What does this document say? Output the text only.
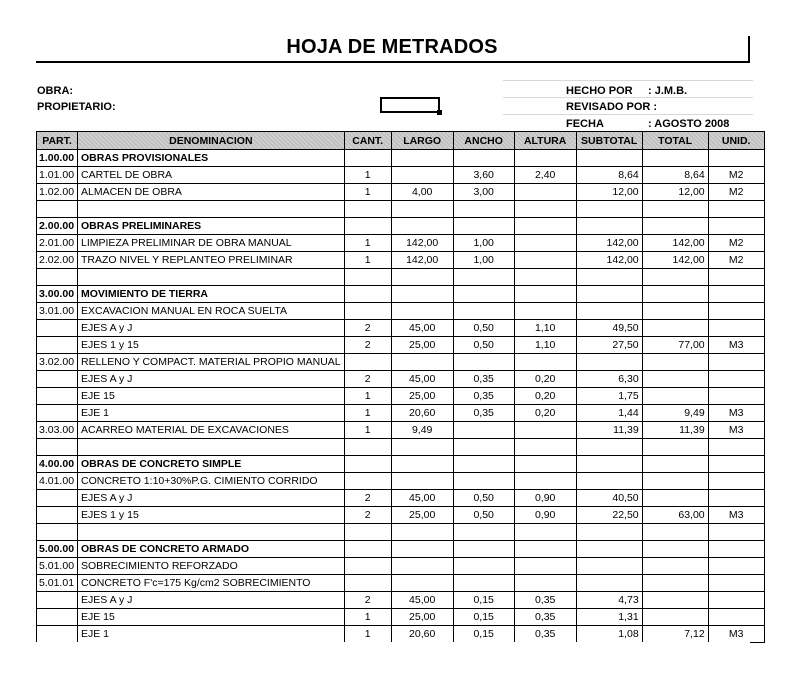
HOJA DE METRADOS
OBRA:
PROPIETARIO:
HECHO POR : J.M.B.
REVISADO POR :
FECHA	: AGOSTO 2008
PART.	DENOMINACION	CANT.	LARGO	ANCHO	ALTURA	SUBTOTAL	TOTAL	UNID.
1.00.00	OBRAS PROVISIONALES							
1.01.00	CARTEL DE OBRA	1		3,60	2,40	8,64	8,64	M2
1.02.00	ALMACEN DE OBRA	1	4,00	3,00		12,00	12,00	M2

2.00.00	OBRAS PRELIMINARES							
2.01.00	LIMPIEZA PRELIMINAR DE OBRA MANUAL	1	142,00	1,00		142,00	142,00	M2
2.02.00	TRAZO NIVEL Y REPLANTEO PRELIMINAR	1	142,00	1,00		142,00	142,00	M2

3.00.00	MOVIMIENTO DE TIERRA							
3.01.00	EXCAVACION MANUAL EN ROCA SUELTA							
	EJES A y J	2	45,00	0,50	1,10	49,50		
	EJES 1 y 15	2	25,00	0,50	1,10	27,50	77,00	M3
3.02.00	RELLENO Y COMPACT. MATERIAL PROPIO MANUAL							
	EJES A y J	2	45,00	0,35	0,20	6,30		
	EJE 15	1	25,00	0,35	0,20	1,75		
	EJE 1	1	20,60	0,35	0,20	1,44	9,49	M3
3.03.00	ACARREO MATERIAL DE EXCAVACIONES	1	9,49			11,39	11,39	M3

4.00.00	OBRAS DE CONCRETO SIMPLE							
4.01.00	CONCRETO 1:10+30%P.G. CIMIENTO CORRIDO							
	EJES A y J	2	45,00	0,50	0,90	40,50		
	EJES 1 y 15	2	25,00	0,50	0,90	22,50	63,00	M3

5.00.00	OBRAS DE CONCRETO ARMADO							
5.01.00	SOBRECIMIENTO REFORZADO							
5.01.01	CONCRETO F'c=175 Kg/cm2 SOBRECIMIENTO							
	EJES A y J	2	45,00	0,15	0,35	4,73		
	EJE 15	1	25,00	0,15	0,35	1,31		
	EJE 1	1	20,60	0,15	0,35	1,08	7,12	M3
